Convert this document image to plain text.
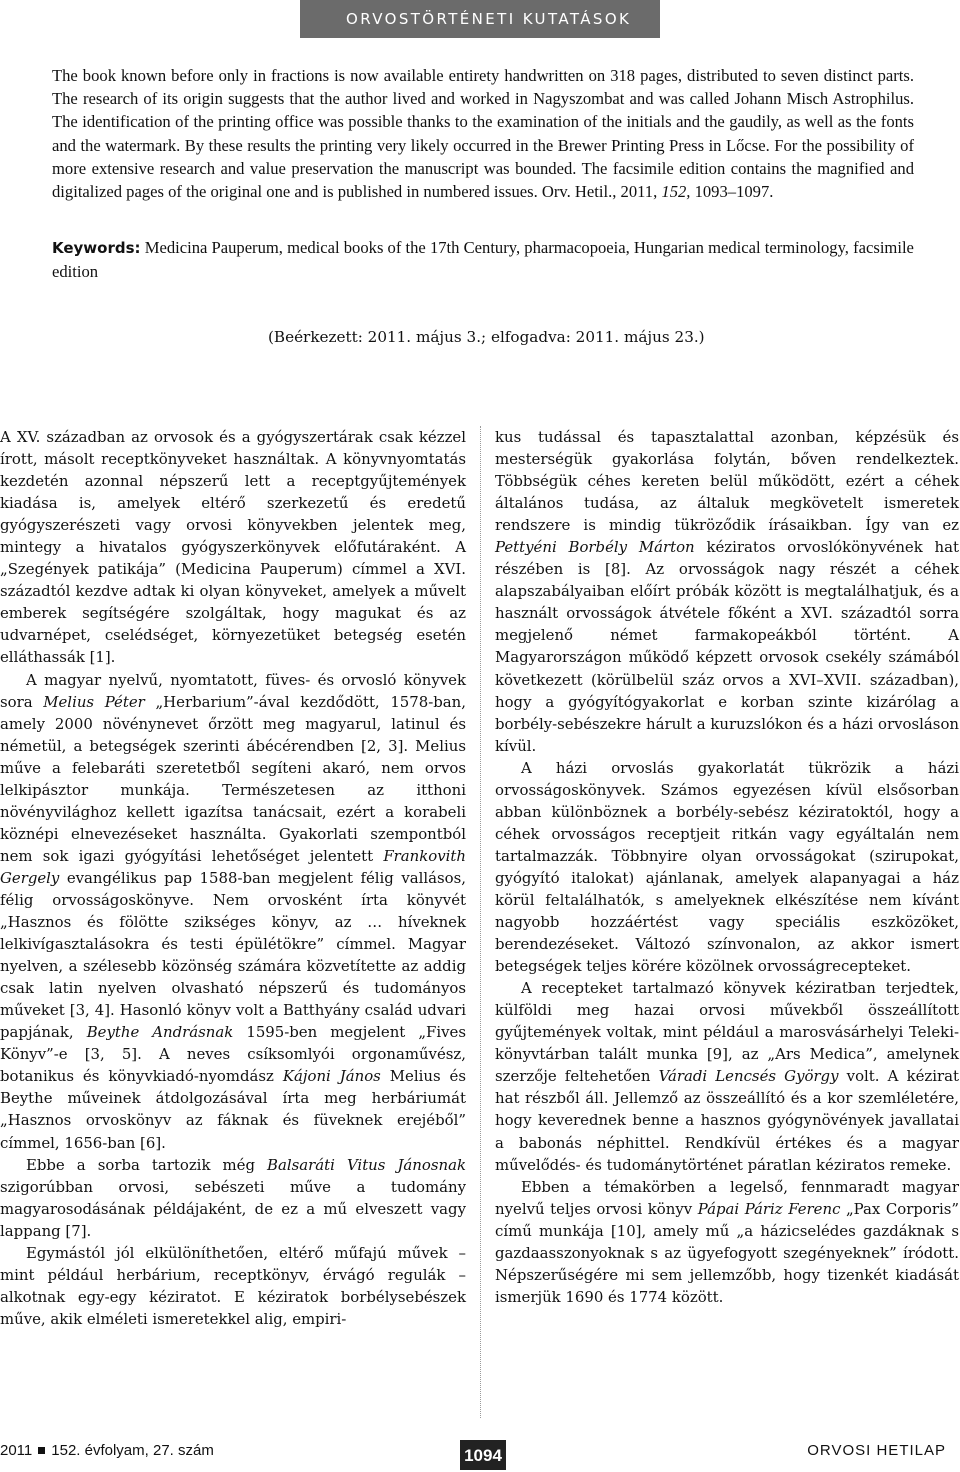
ORVOSTÖRTÉNETI KUTATÁSOK
The book known before only in fractions is now available entirety handwritten on 318 pages, distributed to seven distinct parts. The research of its origin suggests that the author lived and worked in Nagyszombat and was called Johann Misch Astrophilus. The identification of the printing office was possible thanks to the examination of the initials and the gaudily, as well as the fonts and the watermark. By these results the printing very likely occurred in the Brewer Printing Press in Lőcse. For the possibility of more extensive research and value preservation the manuscript was bounded. The facsimile edition contains the magnified and digitalized pages of the original one and is published in numbered issues. Orv. Hetil., 2011, 152, 1093–1097.
Keywords: Medicina Pauperum, medical books of the 17th Century, pharmacopoeia, Hungarian medical terminology, facsimile edition
(Beérkezett: 2011. május 3.; elfogadva: 2011. május 23.)

A XV. században az orvosok és a gyógyszertárak csak kézzel írott, másolt receptkönyveket használtak. A könyvnyomtatás kezdetén azonnal népszerű lett a receptgyűjtemények kiadása is, amelyek eltérő szerkezetű és eredetű gyógyszerészeti vagy orvosi könyvekben jelentek meg, mintegy a hivatalos gyógyszerkönyvek előfutáraként. A „Szegények patikája” (Medicina Pauperum) címmel a XVI. századtól kezdve adtak ki olyan könyveket, amelyek a művelt emberek segítségére szolgáltak, hogy magukat és az udvarnépet, cselédséget, környezetüket betegség esetén elláthassák [1].

A magyar nyelvű, nyomtatott, füves- és orvosló könyvek sora Melius Péter „Herbarium”-ával kezdődött, 1578-ban, amely 2000 növénynevet őrzött meg magyarul, latinul és németül, a betegségek szerinti ábécérendben [2, 3]. Melius műve a felebaráti szeretetből segíteni akaró, nem orvos lelkipásztor munkája. Természetesen az itthoni növényvilághoz kellett igazítsa tanácsait, ezért a korabeli köznépi elnevezéseket használta. Gyakorlati szempontból nem sok igazi gyógyítási lehetőséget jelentett Frankovith Gergely evangélikus pap 1588-ban megjelent félig vallásos, félig orvosságoskönyve. Nem orvosként írta könyvét „Hasznos és fölötte szikséges könyv, az … híveknek lelkivígasztalásokra és testi épülétökre” címmel. Magyar nyelven, a szélesebb közönség számára közvetítette az addig csak latin nyelven olvasható népszerű és tudományos műveket [3, 4]. Hasonló könyv volt a Batthyány család udvari papjának, Beythe Andrásnak 1595-ben megjelent „Fives Könyv”-e [3, 5]. A neves csíksomlyói orgonaművész, botanikus és könyvkiadó-nyomdász Kájoni János Melius és Beythe műveinek átdolgozásával írta meg herbáriumát „Hasznos orvoskönyv az fáknak és füveknek erejéből” címmel, 1656-ban [6].

Ebbe a sorba tartozik még Balsaráti Vitus Jánosnak szigorúbban orvosi, sebészeti műve a tudomány magyarosodásának példájaként, de ez a mű elveszett vagy lappang [7].

Egymástól jól elkülöníthetően, eltérő műfajú művek – mint például herbárium, receptkönyv, érvágó regulák – alkotnak egy-egy kéziratot. E kéziratok borbélysebészek műve, akik elméleti ismeretekkel alig, empiri-

kus tudással és tapasztalattal azonban, képzésük és mesterségük gyakorlása folytán, bőven rendelkeztek. Többségük céhes kereten belül működött, ezért a céhek általános tudása, az általuk megkövetelt ismeretek rendszere is mindig tükröződik írásaikban. Így van ez Pettyéni Borbély Márton kéziratos orvoslókönyvének hat részében is [8]. Az orvosságok nagy részét a céhek alapszabályaiban előírt próbák között is megtalálhatjuk, és a használt orvosságok átvétele főként a XVI. századtól sorra megjelenő német farmakopeákból történt. A Magyarországon működő képzett orvosok csekély számából következett (körülbelül száz orvos a XVI–XVII. században), hogy a gyógyítógyakorlat e korban szinte kizárólag a borbély-sebészekre hárult a kuruzslókon és a házi orvosláson kívül.

A házi orvoslás gyakorlatát tükrözik a házi orvosságoskönyvek. Számos egyezésen kívül elsősorban abban különböznek a borbély-sebész kéziratoktól, hogy a céhek orvosságos receptjeit ritkán vagy egyáltalán nem tartalmazzák. Többnyire olyan orvosságokat (szirupokat, gyógyító italokat) ajánlanak, amelyek alapanyagai a ház körül feltalálhatók, s amelyeknek elkészítése nem kívánt nagyobb hozzáértést vagy speciális eszközöket, berendezéseket. Változó színvonalon, az akkor ismert betegségek teljes körére közölnek orvosságrecepteket.

A recepteket tartalmazó könyvek kéziratban terjedtek, külföldi meg hazai orvosi művekből összeállított gyűjtemények voltak, mint például a marosvásárhelyi Teleki-könyvtárban talált munka [9], az „Ars Medica”, amelynek szerzője feltehetően Váradi Lencsés György volt. A kézirat hat részből áll. Jellemző az összeállító és a kor szemléletére, hogy keverednek benne a hasznos gyógynövények javallatai a babonás néphittel. Rendkívül értékes és a magyar művelődés- és tudománytörténet páratlan kéziratos remeke.

Ebben a témakörben a legelső, fennmaradt magyar nyelvű teljes orvosi könyv Pápai Páriz Ferenc „Pax Corporis” című munkája [10], amely mű „a házicselédes gazdáknak s gazdaasszonyoknak s az ügyefogyott szegényeknek” íródott. Népszerűségére mi sem jellemzőbb, hogy tizenkét kiadását ismerjük 1690 és 1774 között.

2011 152. évfolyam, 27. szám	1094	ORVOSI HETILAP
